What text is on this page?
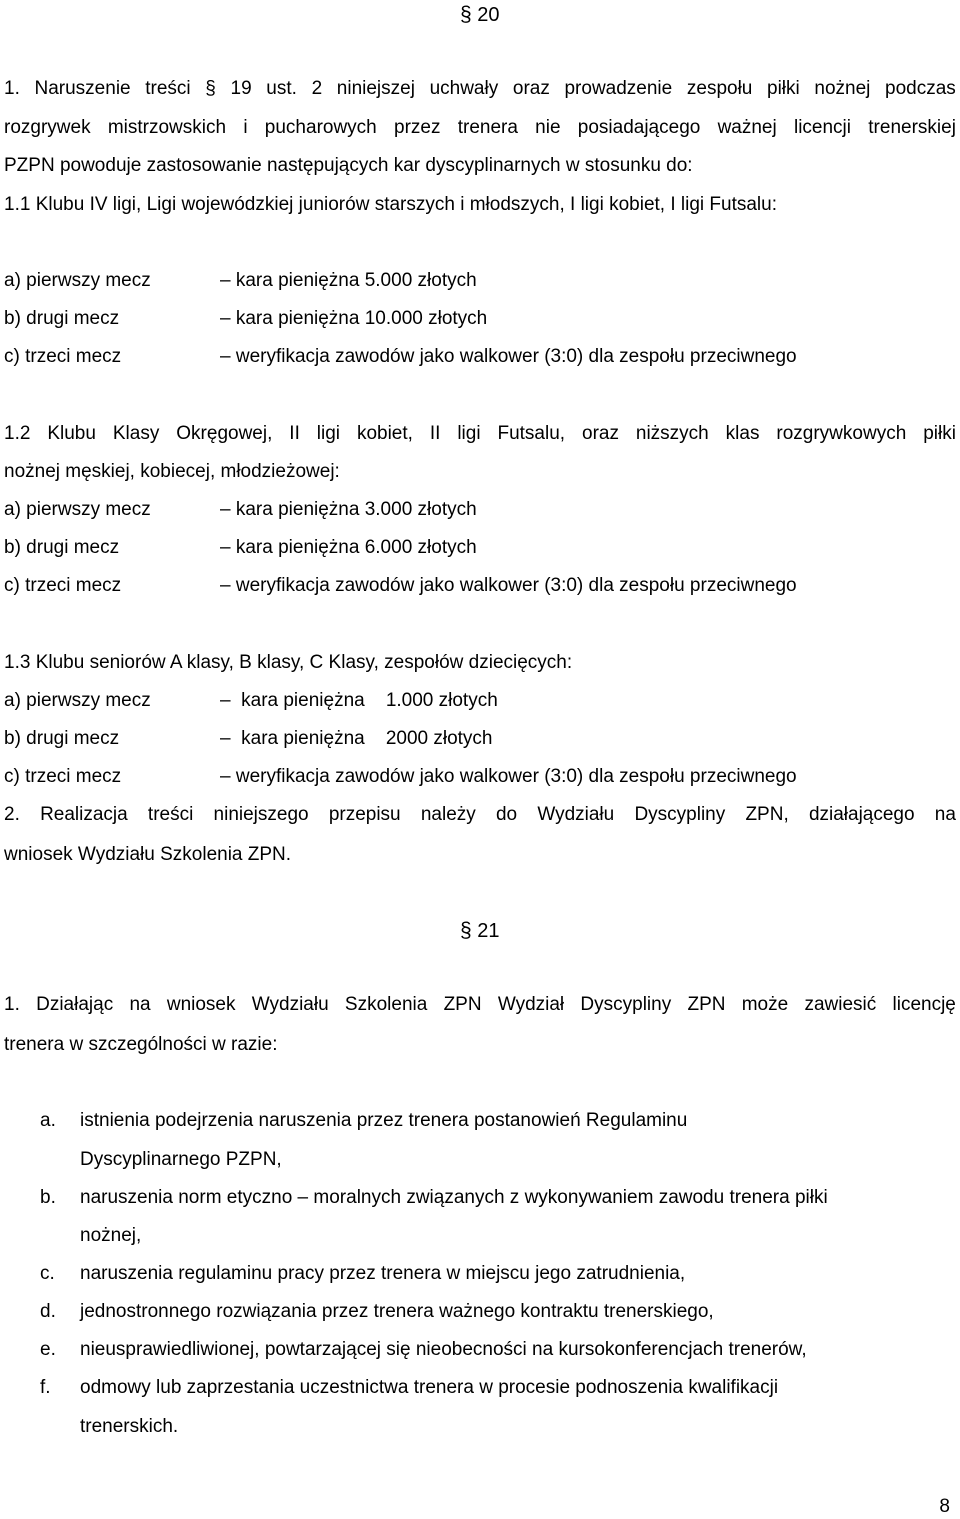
§ 20
1. Naruszenie treści § 19 ust. 2 niniejszej uchwały oraz prowadzenie zespołu piłki nożnej podczas
rozgrywek mistrzowskich i pucharowych przez trenera nie posiadającego ważnej licencji trenerskiej
PZPN powoduje zastosowanie następujących kar dyscyplinarnych w stosunku do:
1.1 Klubu IV ligi, Ligi wojewódzkiej juniorów starszych i młodszych, I ligi kobiet, I ligi Futsalu:
a) pierwszy mecz	– kara pieniężna 5.000 złotych
b) drugi mecz	– kara pieniężna 10.000 złotych
c) trzeci mecz	– weryfikacja zawodów jako walkower (3:0) dla zespołu przeciwnego
1.2 Klubu Klasy Okręgowej, II ligi kobiet, II ligi Futsalu, oraz niższych klas rozgrywkowych piłki
nożnej męskiej, kobiecej, młodzieżowej:
a) pierwszy mecz	– kara pieniężna 3.000 złotych
b) drugi mecz	– kara pieniężna 6.000 złotych
c) trzeci mecz	– weryfikacja zawodów jako walkower (3:0) dla zespołu przeciwnego
1.3 Klubu seniorów A klasy, B klasy, C Klasy, zespołów dziecięcych:
a) pierwszy mecz	–  kara pieniężna    1.000 złotych
b) drugi mecz	–  kara pieniężna    2000 złotych
c) trzeci mecz	– weryfikacja zawodów jako walkower (3:0) dla zespołu przeciwnego
2. Realizacja treści niniejszego przepisu należy do Wydziału Dyscypliny ZPN, działającego na
wniosek Wydziału Szkolenia ZPN.
§ 21
1. Działając na wniosek Wydziału Szkolenia ZPN Wydział Dyscypliny ZPN może zawiesić licencję
trenera w szczególności w razie:
a.	istnienia podejrzenia naruszenia przez trenera postanowień Regulaminu
Dyscyplinarnego PZPN,
b.	naruszenia norm etyczno – moralnych związanych z wykonywaniem zawodu trenera piłki
nożnej,
c.	naruszenia regulaminu pracy przez trenera w miejscu jego zatrudnienia,
d.	jednostronnego rozwiązania przez trenera ważnego kontraktu trenerskiego,
e.	nieusprawiedliwionej, powtarzającej się nieobecności na kursokonferencjach trenerów,
f.	odmowy lub zaprzestania uczestnictwa trenera w procesie podnoszenia kwalifikacji
trenerskich.
8
